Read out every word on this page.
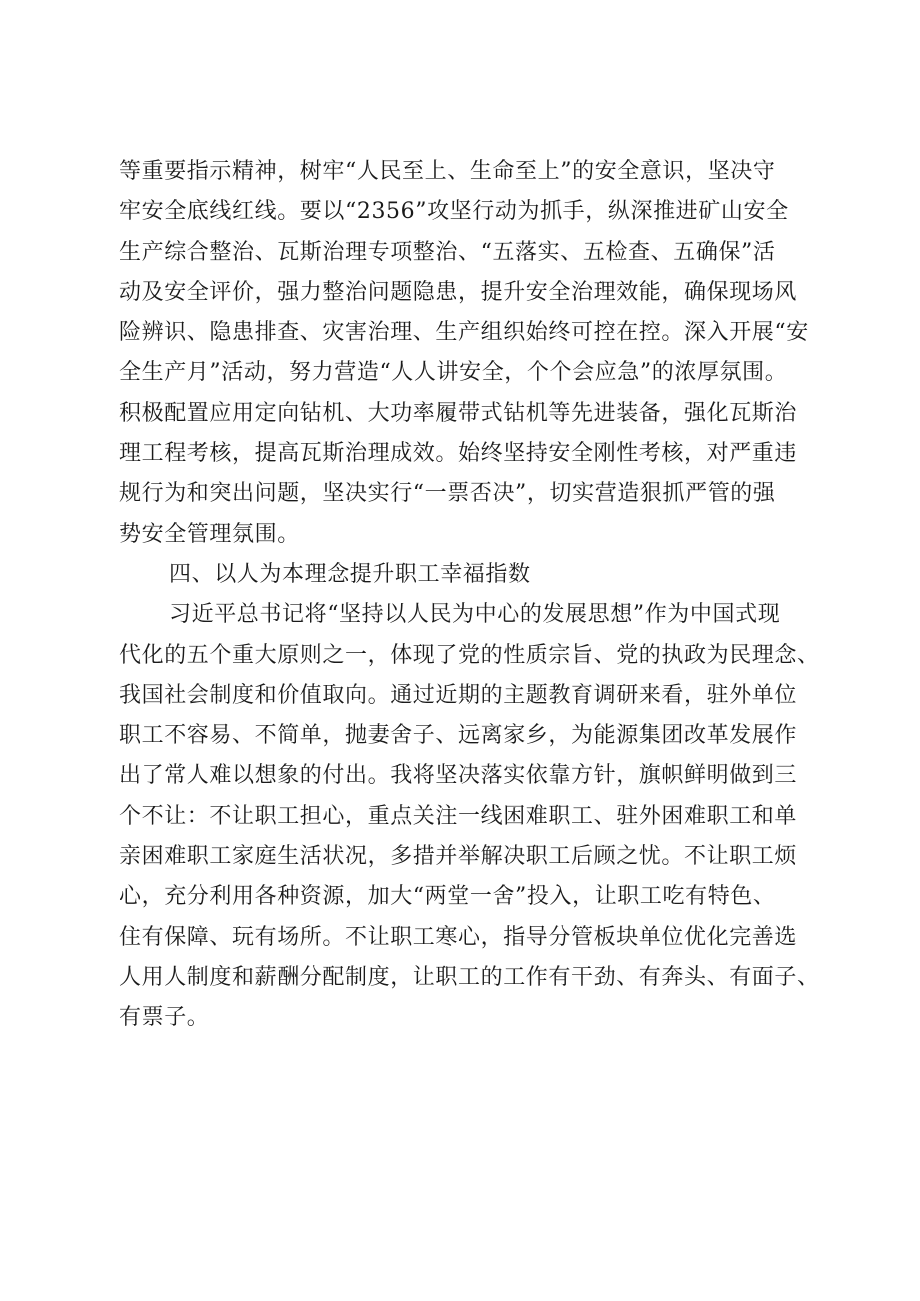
等重要指示精神，树牢“人民至上、生命至上”的安全意识，坚决守
牢安全底线红线。要以“2356”攻坚行动为抓手，纵深推进矿山安全
生产综合整治、瓦斯治理专项整治、“五落实、五检查、五确保”活
动及安全评价，强力整治问题隐患，提升安全治理效能，确保现场风
险辨识、隐患排查、灾害治理、生产组织始终可控在控。深入开展“安
全生产月”活动，努力营造“人人讲安全，个个会应急”的浓厚氛围。
积极配置应用定向钻机、大功率履带式钻机等先进装备，强化瓦斯治
理工程考核，提高瓦斯治理成效。始终坚持安全刚性考核，对严重违
规行为和突出问题，坚决实行“一票否决”，切实营造狠抓严管的强
势安全管理氛围。
四、以人为本理念提升职工幸福指数
习近平总书记将“坚持以人民为中心的发展思想”作为中国式现
代化的五个重大原则之一，体现了党的性质宗旨、党的执政为民理念、
我国社会制度和价值取向。通过近期的主题教育调研来看，驻外单位
职工不容易、不简单，抛妻舍子、远离家乡，为能源集团改革发展作
出了常人难以想象的付出。我将坚决落实依靠方针，旗帜鲜明做到三
个不让：不让职工担心，重点关注一线困难职工、驻外困难职工和单
亲困难职工家庭生活状况，多措并举解决职工后顾之忧。不让职工烦
心，充分利用各种资源，加大“两堂一舍”投入，让职工吃有特色、
住有保障、玩有场所。不让职工寒心，指导分管板块单位优化完善选
人用人制度和薪酬分配制度，让职工的工作有干劲、有奔头、有面子、
有票子。
